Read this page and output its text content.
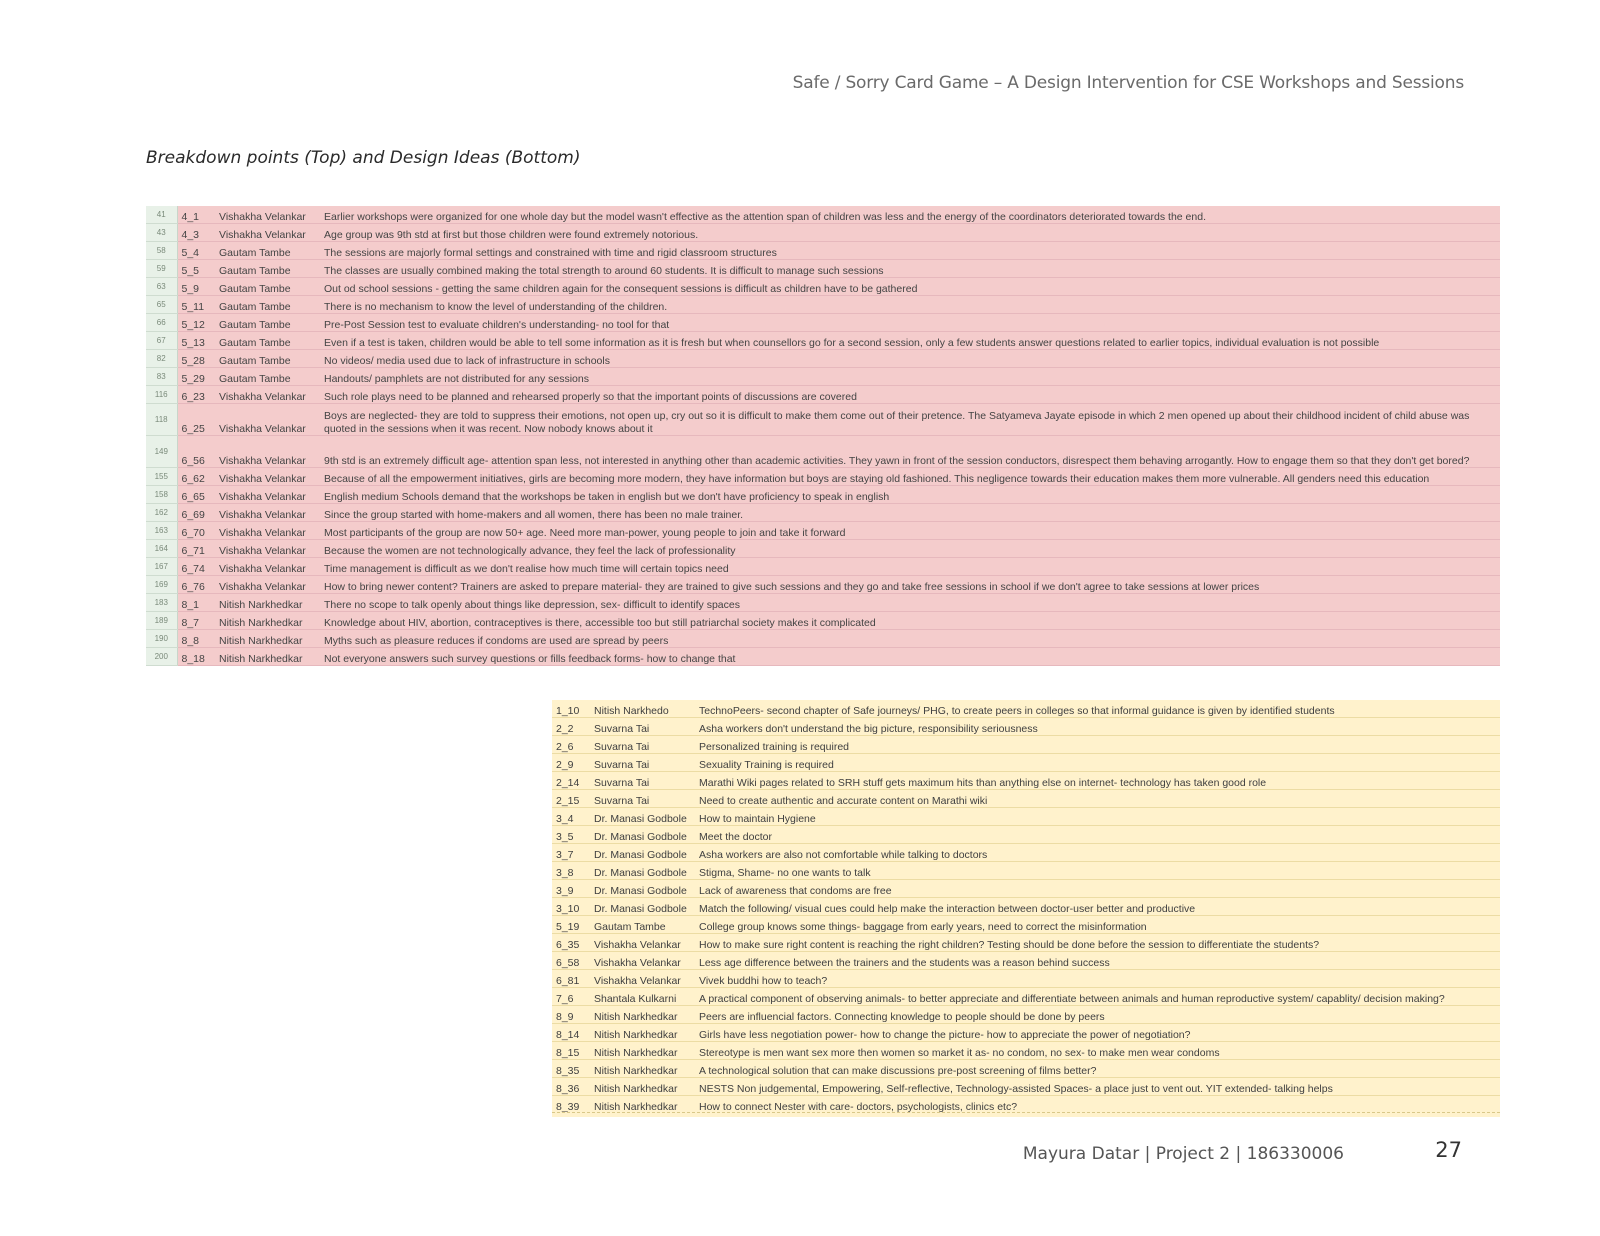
Safe / Sorry Card Game – A Design Intervention for CSE Workshops and Sessions
Breakdown points (Top) and Design Ideas (Bottom)
41	4_1	Vishakha Velankar	Earlier workshops were organized for one whole day but the model wasn't effective as the attention span of children was less and the energy of the coordinators deteriorated towards the end.
43	4_3	Vishakha Velankar	Age group was 9th std at first but those children were found extremely notorious.
58	5_4	Gautam Tambe	The sessions are majorly formal settings and constrained with time and rigid classroom structures
59	5_5	Gautam Tambe	The classes are usually combined making the total strength to around 60 students. It is difficult to manage such sessions
63	5_9	Gautam Tambe	Out od school sessions - getting the same children again for the consequent sessions is difficult as children have to be gathered
65	5_11	Gautam Tambe	There is no mechanism to know the level of understanding of the children.
66	5_12	Gautam Tambe	Pre-Post Session test to evaluate children's understanding- no tool for that
67	5_13	Gautam Tambe	Even if a test is taken, children would be able to tell some information as it is fresh but when counsellors go for a second session, only a few students answer questions related to earlier topics, individual evaluation is not possible
82	5_28	Gautam Tambe	No videos/ media used due to lack of infrastructure in schools
83	5_29	Gautam Tambe	Handouts/ pamphlets are not distributed for any sessions
116	6_23	Vishakha Velankar	Such role plays need to be planned and rehearsed properly so that the important points of discussions are covered
118	6_25	Vishakha Velankar	Boys are neglected- they are told to suppress their emotions, not open up, cry out so it is difficult to make them come out of their pretence. The Satyameva Jayate episode in which 2 men opened up about their childhood incident of child abuse was quoted in the sessions when it was recent. Now nobody knows about it
149	6_56	Vishakha Velankar	9th std is an extremely difficult age- attention span less, not interested in anything other than academic activities. They yawn in front of the session conductors, disrespect them behaving arrogantly. How to engage them so that they don't get bored?
155	6_62	Vishakha Velankar	Because of all the empowerment initiatives, girls are becoming more modern, they have information but boys are staying old fashioned. This negligence towards their education makes them more vulnerable. All genders need this education
158	6_65	Vishakha Velankar	English medium Schools demand that the workshops be taken in english but we don't have proficiency to speak in english
162	6_69	Vishakha Velankar	Since the group started with home-makers and all women, there has been no male trainer.
163	6_70	Vishakha Velankar	Most participants of the group are now 50+ age. Need more man-power, young people to join and take it forward
164	6_71	Vishakha Velankar	Because the women are not technologically advance, they feel the lack of professionality
167	6_74	Vishakha Velankar	Time management is difficult as we don't realise how much time will certain topics need
169	6_76	Vishakha Velankar	How to bring newer content? Trainers are asked to prepare material- they are trained to give such sessions and they go and take free sessions in school if we don't agree to take sessions at lower prices
183	8_1	Nitish Narkhedkar	There no scope to talk openly about things like depression, sex- difficult to identify spaces
189	8_7	Nitish Narkhedkar	Knowledge about HIV, abortion, contraceptives is there, accessible too but still patriarchal society makes it complicated
190	8_8	Nitish Narkhedkar	Myths such as pleasure reduces if condoms are used are spread by peers
200	8_18	Nitish Narkhedkar	Not everyone answers such survey questions or fills feedback forms- how to change that
1_10	Nitish Narkhedo	TechnoPeers- second chapter of Safe journeys/ PHG, to create peers in colleges so that informal guidance is given by identified students
2_2	Suvarna Tai	Asha workers don't understand the big picture, responsibility seriousness
2_6	Suvarna Tai	Personalized training is required
2_9	Suvarna Tai	Sexuality Training is required
2_14	Suvarna Tai	Marathi Wiki pages related to SRH stuff gets maximum hits than anything else on internet- technology has taken good role
2_15	Suvarna Tai	Need to create authentic and accurate content on Marathi wiki
3_4	Dr. Manasi Godbole	How to maintain Hygiene
3_5	Dr. Manasi Godbole	Meet the doctor
3_7	Dr. Manasi Godbole	Asha workers are also not comfortable while talking to doctors
3_8	Dr. Manasi Godbole	Stigma, Shame- no one wants to talk
3_9	Dr. Manasi Godbole	Lack of awareness that condoms are free
3_10	Dr. Manasi Godbole	Match the following/ visual cues could help make the interaction between doctor-user better and productive
5_19	Gautam Tambe	College group knows some things- baggage from early years, need to correct the misinformation
6_35	Vishakha Velankar	How to make sure right content is reaching the right children? Testing should be done before the session to differentiate the students?
6_58	Vishakha Velankar	Less age difference between the trainers and the students was a reason behind success
6_81	Vishakha Velankar	Vivek buddhi how to teach?
7_6	Shantala Kulkarni	A practical component of observing animals- to better appreciate and differentiate between animals and human reproductive system/ capablity/ decision making?
8_9	Nitish Narkhedkar	Peers are influencial factors. Connecting knowledge to people should be done by peers
8_14	Nitish Narkhedkar	Girls have less negotiation power- how to change the picture- how to appreciate the power of negotiation?
8_15	Nitish Narkhedkar	Stereotype is men want sex more then women so market it as- no condom, no sex- to make men wear condoms
8_35	Nitish Narkhedkar	A technological solution that can make discussions pre-post screening of films better?
8_36	Nitish Narkhedkar	NESTS Non judgemental, Empowering, Self-reflective, Technology-assisted Spaces- a place just to vent out. YIT extended- talking helps
8_39	Nitish Narkhedkar	How to connect Nester with care- doctors, psychologists, clinics etc?
Mayura Datar | Project 2 | 186330006	27
